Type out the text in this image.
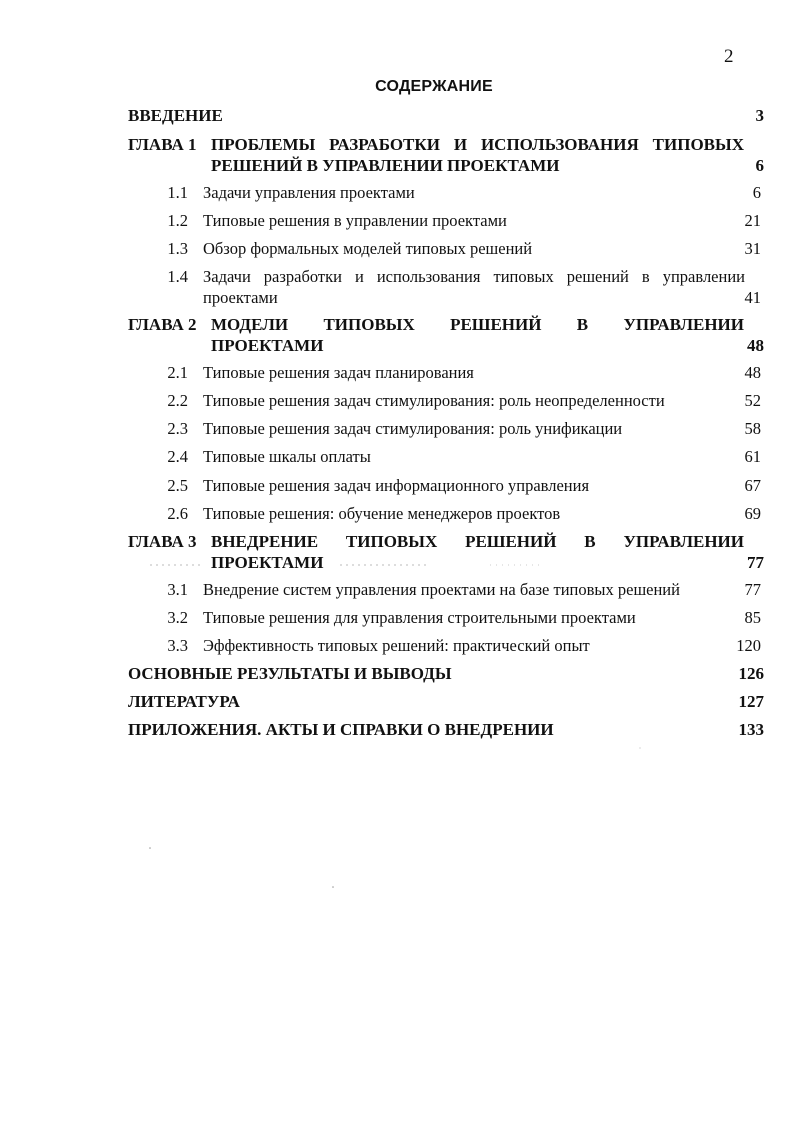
2
СОДЕРЖАНИЕ
ВВЕДЕНИЕ	3
ГЛАВА 1 ПРОБЛЕМЫ РАЗРАБОТКИ И ИСПОЛЬЗОВАНИЯ ТИПОВЫХ
РЕШЕНИЙ В УПРАВЛЕНИИ ПРОЕКТАМИ	6
1.1 Задачи управления проектами	6
1.2 Типовые решения в управлении проектами	21
1.3 Обзор формальных моделей типовых решений	31
1.4 Задачи разработки и использования типовых решений в управлении
проектами	41
ГЛАВА 2 МОДЕЛИ ТИПОВЫХ РЕШЕНИЙ В УПРАВЛЕНИИ
ПРОЕКТАМИ	48
2.1 Типовые решения задач планирования	48
2.2 Типовые решения задач стимулирования: роль неопределенности	52
2.3 Типовые решения задач стимулирования: роль унификации	58
2.4 Типовые шкалы оплаты	61
2.5 Типовые решения задач информационного управления	67
2.6 Типовые решения: обучение менеджеров проектов	69
ГЛАВА 3 ВНЕДРЕНИЕ ТИПОВЫХ РЕШЕНИЙ В УПРАВЛЕНИИ
ПРОЕКТАМИ	77
3.1 Внедрение систем управления проектами на базе типовых решений	77
3.2 Типовые решения для управления строительными проектами	85
3.3 Эффективность типовых решений: практический опыт	120
ОСНОВНЫЕ РЕЗУЛЬТАТЫ И ВЫВОДЫ	126
ЛИТЕРАТУРА	127
ПРИЛОЖЕНИЯ. АКТЫ И СПРАВКИ О ВНЕДРЕНИИ	133
